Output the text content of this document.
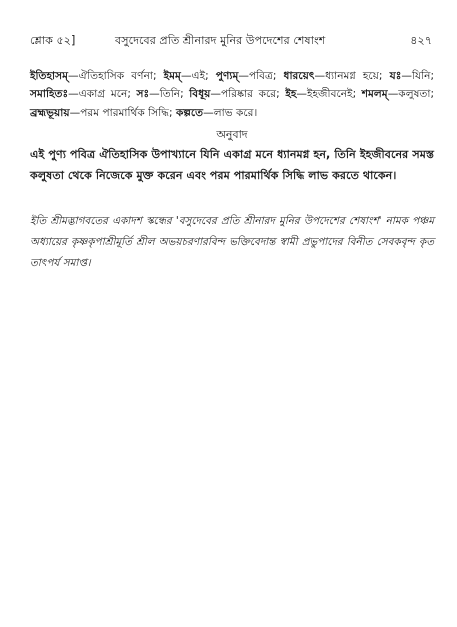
শ্লোক ৫২]	বসুদেবের প্রতি শ্রীনারদ মুনির উপদেশের শেষাংশ	৪২৭
ইতিহাসম্—ঐতিহাসিক বর্ণনা; ইমম্—এই; পুণ্যম্—পবিত্র; ধারয়েৎ—ধ্যানমগ্ন হয়ে; যঃ—যিনি; সমাহিতঃ—একাগ্র মনে; সঃ—তিনি; বিধূয়—পরিষ্কার করে; ইহ—ইহজীবনেই; শমলম্—কলুষতা; ব্রহ্মভূয়ায়—পরম পারমার্থিক সিদ্ধি; কল্পতে—লাভ করে।
অনুবাদ
এই পুণ্য পবিত্র ঐতিহাসিক উপাখ্যানে যিনি একাগ্র মনে ধ্যানমগ্ন হন, তিনি ইহজীবনের সমস্ত কলুষতা থেকে নিজেকে মুক্ত করেন এবং পরম পারমার্থিক সিদ্ধি লাভ করতে থাকেন।
ইতি শ্রীমদ্ভাগবতের একাদশ স্কন্ধের 'বসুদেবের প্রতি শ্রীনারদ মুনির উপদেশের শেষাংশ' নামক পঞ্চম অধ্যায়ের কৃষ্ণকৃপাশ্রীমূর্তি শ্রীল অভয়চরণারবিন্দ ভক্তিবেদান্ত স্বামী প্রভুপাদের বিনীত সেবকবৃন্দ কৃত তাৎপর্য সমাপ্ত।
